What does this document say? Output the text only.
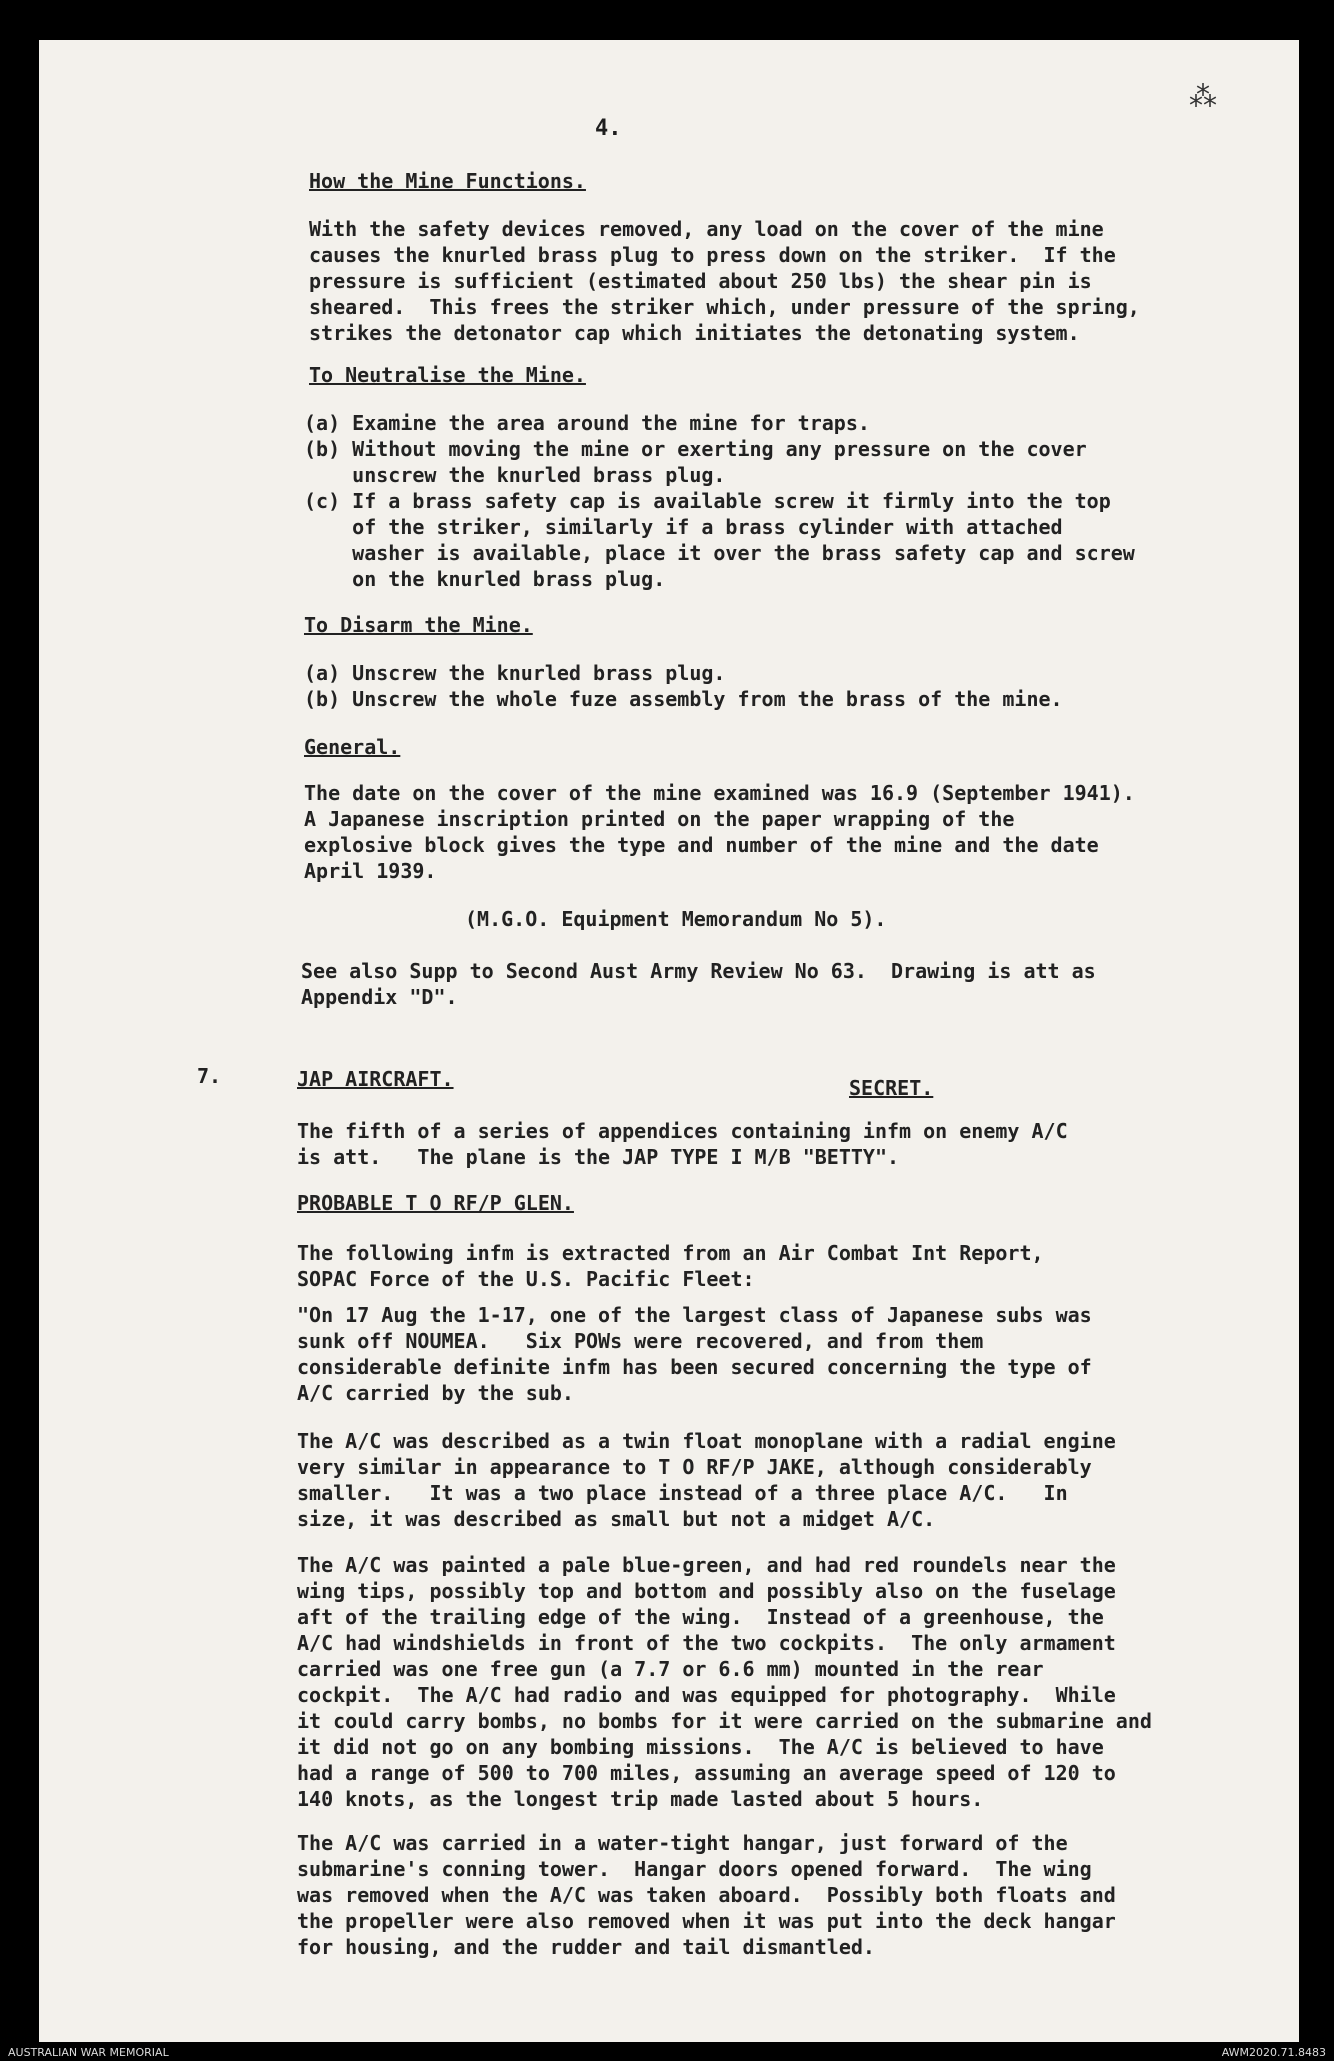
⁂
4.
How the Mine Functions.
With the safety devices removed, any load on the cover of the mine
causes the knurled brass plug to press down on the striker.  If the
pressure is sufficient (estimated about 250 lbs) the shear pin is
sheared.  This frees the striker which, under pressure of the spring,
strikes the detonator cap which initiates the detonating system.
To Neutralise the Mine.
(a) Examine the area around the mine for traps.
(b) Without moving the mine or exerting any pressure on the cover
unscrew the knurled brass plug.
(c) If a brass safety cap is available screw it firmly into the top
of the striker, similarly if a brass cylinder with attached
washer is available, place it over the brass safety cap and screw
on the knurled brass plug.
To Disarm the Mine.
(a) Unscrew the knurled brass plug.
(b) Unscrew the whole fuze assembly from the brass of the mine.
General.
The date on the cover of the mine examined was 16.9 (September 1941).
A Japanese inscription printed on the paper wrapping of the
explosive block gives the type and number of the mine and the date
April 1939.
(M.G.O. Equipment Memorandum No 5).
See also Supp to Second Aust Army Review No 63.  Drawing is att as
Appendix "D".
7.	JAP AIRCRAFT.	SECRET.
The fifth of a series of appendices containing infm on enemy A/C
is att.   The plane is the JAP TYPE I M/B "BETTY".
PROBABLE T O RF/P GLEN.
The following infm is extracted from an Air Combat Int Report,
SOPAC Force of the U.S. Pacific Fleet:
"On 17 Aug the 1-17, one of the largest class of Japanese subs was
sunk off NOUMEA.   Six POWs were recovered, and from them
considerable definite infm has been secured concerning the type of
A/C carried by the sub.
The A/C was described as a twin float monoplane with a radial engine
very similar in appearance to T O RF/P JAKE, although considerably
smaller.   It was a two place instead of a three place A/C.   In
size, it was described as small but not a midget A/C.
The A/C was painted a pale blue-green, and had red roundels near the
wing tips, possibly top and bottom and possibly also on the fuselage
aft of the trailing edge of the wing.  Instead of a greenhouse, the
A/C had windshields in front of the two cockpits.  The only armament
carried was one free gun (a 7.7 or 6.6 mm) mounted in the rear
cockpit.  The A/C had radio and was equipped for photography.  While
it could carry bombs, no bombs for it were carried on the submarine and
it did not go on any bombing missions.  The A/C is believed to have
had a range of 500 to 700 miles, assuming an average speed of 120 to
140 knots, as the longest trip made lasted about 5 hours.
The A/C was carried in a water-tight hangar, just forward of the
submarine's conning tower.  Hangar doors opened forward.  The wing
was removed when the A/C was taken aboard.  Possibly both floats and
the propeller were also removed when it was put into the deck hangar
for housing, and the rudder and tail dismantled.
AUSTRALIAN WAR MEMORIAL	AWM2020.71.8483
